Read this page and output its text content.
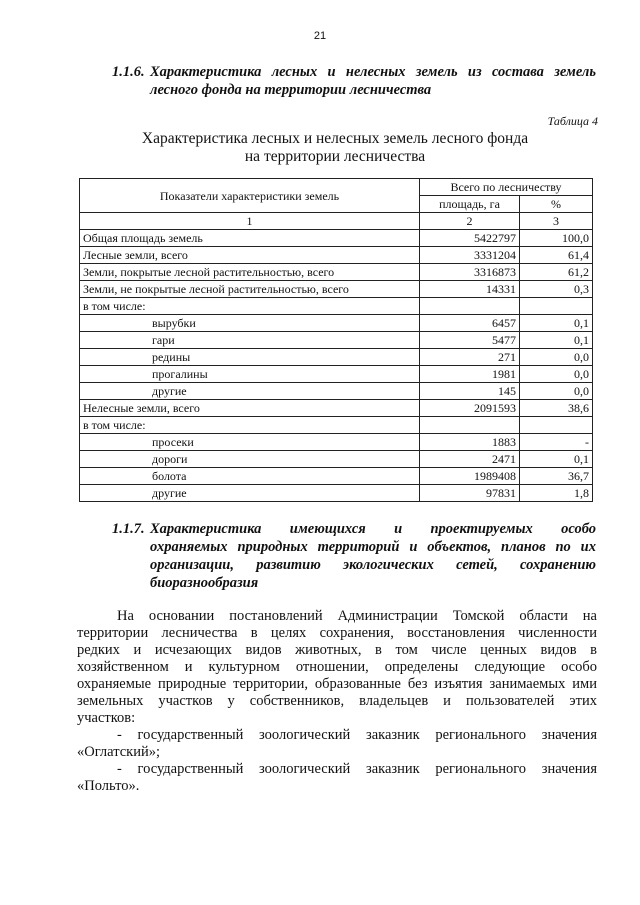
21
1.1.6. Характеристика лесных и нелесных земель из состава земель
лесного фонда на территории лесничества
Таблица 4
Характеристика лесных и нелесных земель лесного фонда
на территории лесничества
Показатели характеристики земель	Всего по лесничеству	
	площадь, га	%
1	2	3
Общая площадь земель	5422797	100,0
Лесные земли, всего	3331204	61,4
Земли, покрытые лесной растительностью, всего	3316873	61,2
Земли, не покрытые лесной растительностью, всего	14331	0,3
в том числе:		
вырубки	6457	0,1
гари	5477	0,1
редины	271	0,0
прогалины	1981	0,0
другие	145	0,0
Нелесные земли, всего	2091593	38,6
в том числе:		
просеки	1883	-
дороги	2471	0,1
болота	1989408	36,7
другие	97831	1,8
1.1.7. Характеристика имеющихся и проектируемых особо
охраняемых природных территорий и объектов, планов по их
организации, развитию экологических сетей, сохранению
биоразнообразия
На основании постановлений Администрации Томской области на
территории лесничества в целях сохранения, восстановления численности
редких и исчезающих видов животных, в том числе ценных видов в
хозяйственном и культурном отношении, определены следующие особо
охраняемые природные территории, образованные без изъятия занимаемых ими
земельных участков у собственников, владельцев и пользователей этих
участков:
- государственный зоологический заказник регионального значения
«Оглатский»;
- государственный зоологический заказник регионального значения
«Польто».
